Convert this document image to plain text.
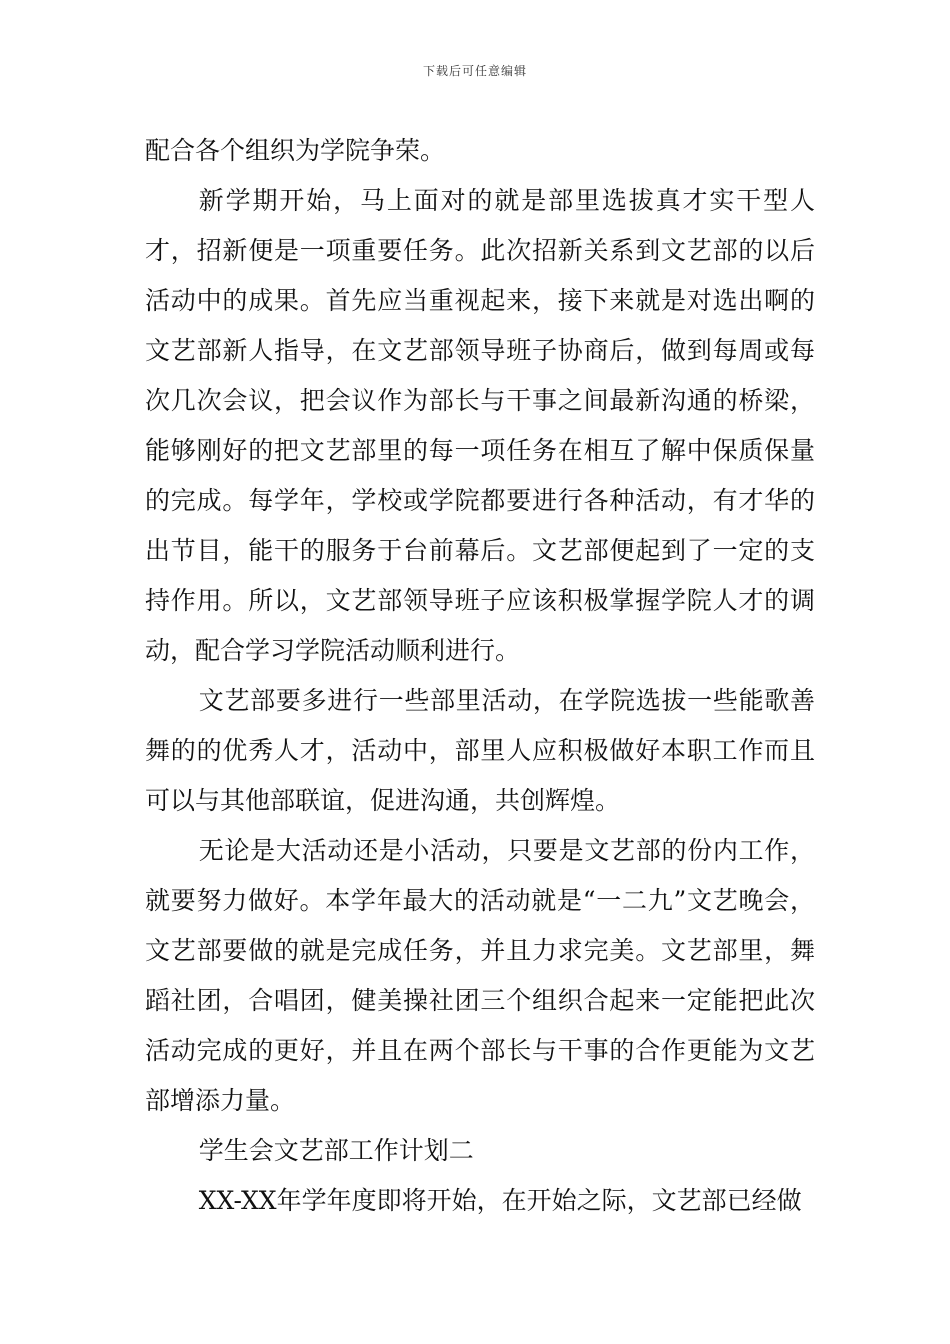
下载后可任意编辑

配合各个组织为学院争荣。

新学期开始，马上面对的就是部里选拔真才实干型人才，招新便是一项重要任务。此次招新关系到文艺部的以后活动中的成果。首先应当重视起来，接下来就是对选出啊的文艺部新人指导，在文艺部领导班子协商后，做到每周或每次几次会议，把会议作为部长与干事之间最新沟通的桥梁，能够刚好的把文艺部里的每一项任务在相互了解中保质保量的完成。每学年，学校或学院都要进行各种活动，有才华的出节目，能干的服务于台前幕后。文艺部便起到了一定的支持作用。所以，文艺部领导班子应该积极掌握学院人才的调动，配合学习学院活动顺利进行。

文艺部要多进行一些部里活动，在学院选拔一些能歌善舞的的优秀人才，活动中，部里人应积极做好本职工作而且可以与其他部联谊，促进沟通，共创辉煌。

无论是大活动还是小活动，只要是文艺部的份内工作，就要努力做好。本学年最大的活动就是“一二九”文艺晚会，文艺部要做的就是完成任务，并且力求完美。文艺部里，舞蹈社团，合唱团，健美操社团三个组织合起来一定能把此次活动完成的更好，并且在两个部长与干事的合作更能为文艺部增添力量。

学生会文艺部工作计划二

XX-XX年学年度即将开始，在开始之际，文艺部已经做
